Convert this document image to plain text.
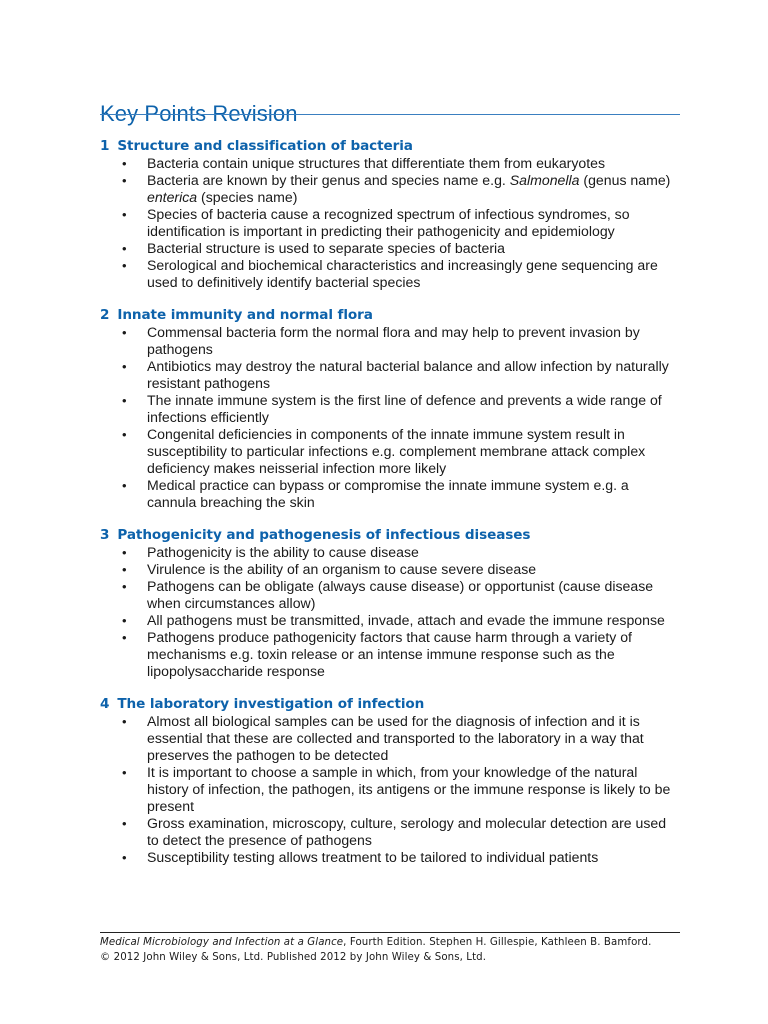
Key Points Revision
1 Structure and classification of bacteria
• Bacteria contain unique structures that differentiate them from eukaryotes
• Bacteria are known by their genus and species name e.g. Salmonella (genus name) enterica (species name)
• Species of bacteria cause a recognized spectrum of infectious syndromes, so identification is important in predicting their pathogenicity and epidemiology
• Bacterial structure is used to separate species of bacteria
• Serological and biochemical characteristics and increasingly gene sequencing are used to definitively identify bacterial species
2 Innate immunity and normal flora
• Commensal bacteria form the normal flora and may help to prevent invasion by pathogens
• Antibiotics may destroy the natural bacterial balance and allow infection by naturally resistant pathogens
• The innate immune system is the first line of defence and prevents a wide range of infections efficiently
• Congenital deficiencies in components of the innate immune system result in susceptibility to particular infections e.g. complement membrane attack complex deficiency makes neisserial infection more likely
• Medical practice can bypass or compromise the innate immune system e.g. a cannula breaching the skin
3 Pathogenicity and pathogenesis of infectious diseases
• Pathogenicity is the ability to cause disease
• Virulence is the ability of an organism to cause severe disease
• Pathogens can be obligate (always cause disease) or opportunist (cause disease when circumstances allow)
• All pathogens must be transmitted, invade, attach and evade the immune response
• Pathogens produce pathogenicity factors that cause harm through a variety of mechanisms e.g. toxin release or an intense immune response such as the lipopolysaccharide response
4 The laboratory investigation of infection
• Almost all biological samples can be used for the diagnosis of infection and it is essential that these are collected and transported to the laboratory in a way that preserves the pathogen to be detected
• It is important to choose a sample in which, from your knowledge of the natural history of infection, the pathogen, its antigens or the immune response is likely to be present
• Gross examination, microscopy, culture, serology and molecular detection are used to detect the presence of pathogens
• Susceptibility testing allows treatment to be tailored to individual patients
Medical Microbiology and Infection at a Glance, Fourth Edition. Stephen H. Gillespie, Kathleen B. Bamford.
© 2012 John Wiley & Sons, Ltd. Published 2012 by John Wiley & Sons, Ltd.
